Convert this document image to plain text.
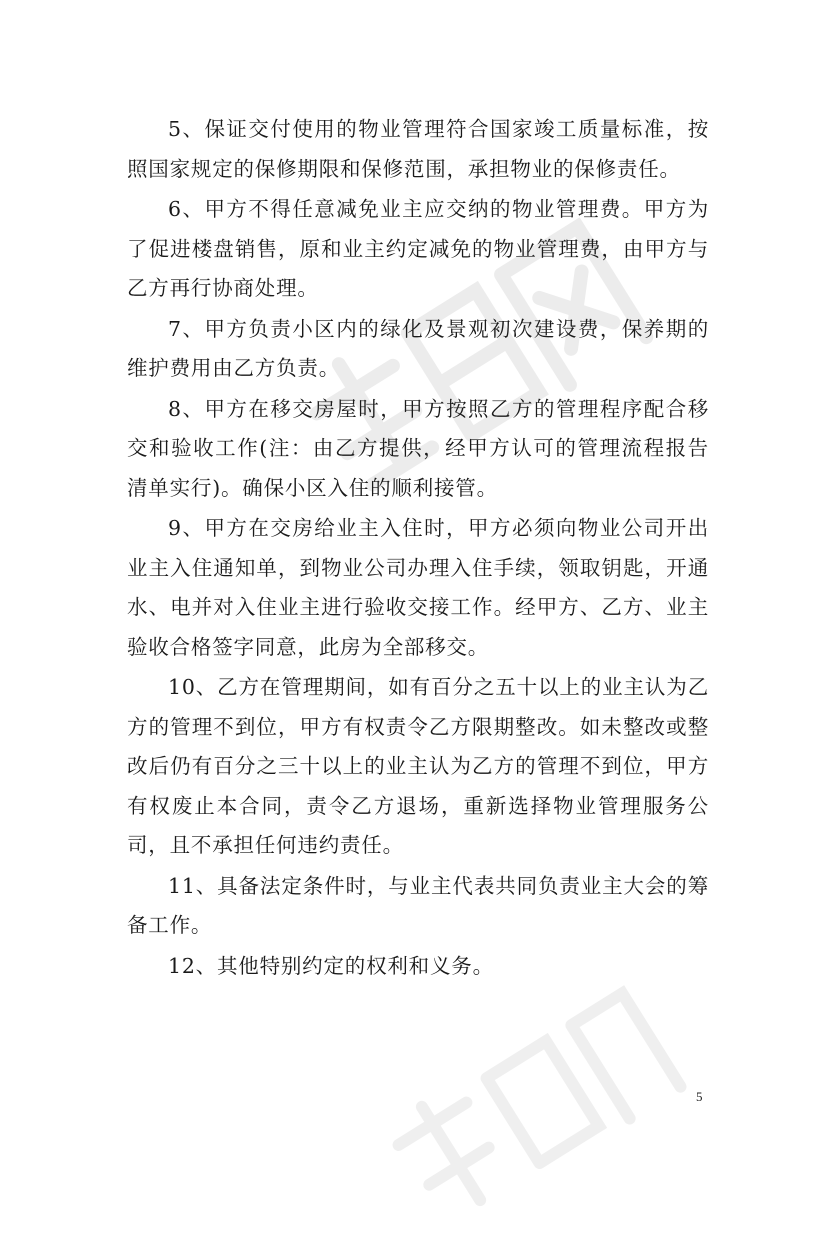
5、保证交付使用的物业管理符合国家竣工质量标准，按照国家规定的保修期限和保修范围，承担物业的保修责任。

6、甲方不得任意减免业主应交纳的物业管理费。甲方为了促进楼盘销售，原和业主约定减免的物业管理费，由甲方与乙方再行协商处理。

7、甲方负责小区内的绿化及景观初次建设费，保养期的维护费用由乙方负责。

8、甲方在移交房屋时，甲方按照乙方的管理程序配合移交和验收工作(注：由乙方提供，经甲方认可的管理流程报告清单实行)。确保小区入住的顺利接管。

9、甲方在交房给业主入住时，甲方必须向物业公司开出业主入住通知单，到物业公司办理入住手续，领取钥匙，开通水、电并对入住业主进行验收交接工作。经甲方、乙方、业主验收合格签字同意，此房为全部移交。

10、乙方在管理期间，如有百分之五十以上的业主认为乙方的管理不到位，甲方有权责令乙方限期整改。如未整改或整改后仍有百分之三十以上的业主认为乙方的管理不到位，甲方有权废止本合同，责令乙方退场，重新选择物业管理服务公司，且不承担任何违约责任。

11、具备法定条件时，与业主代表共同负责业主大会的筹备工作。

12、其他特别约定的权利和义务。

5
